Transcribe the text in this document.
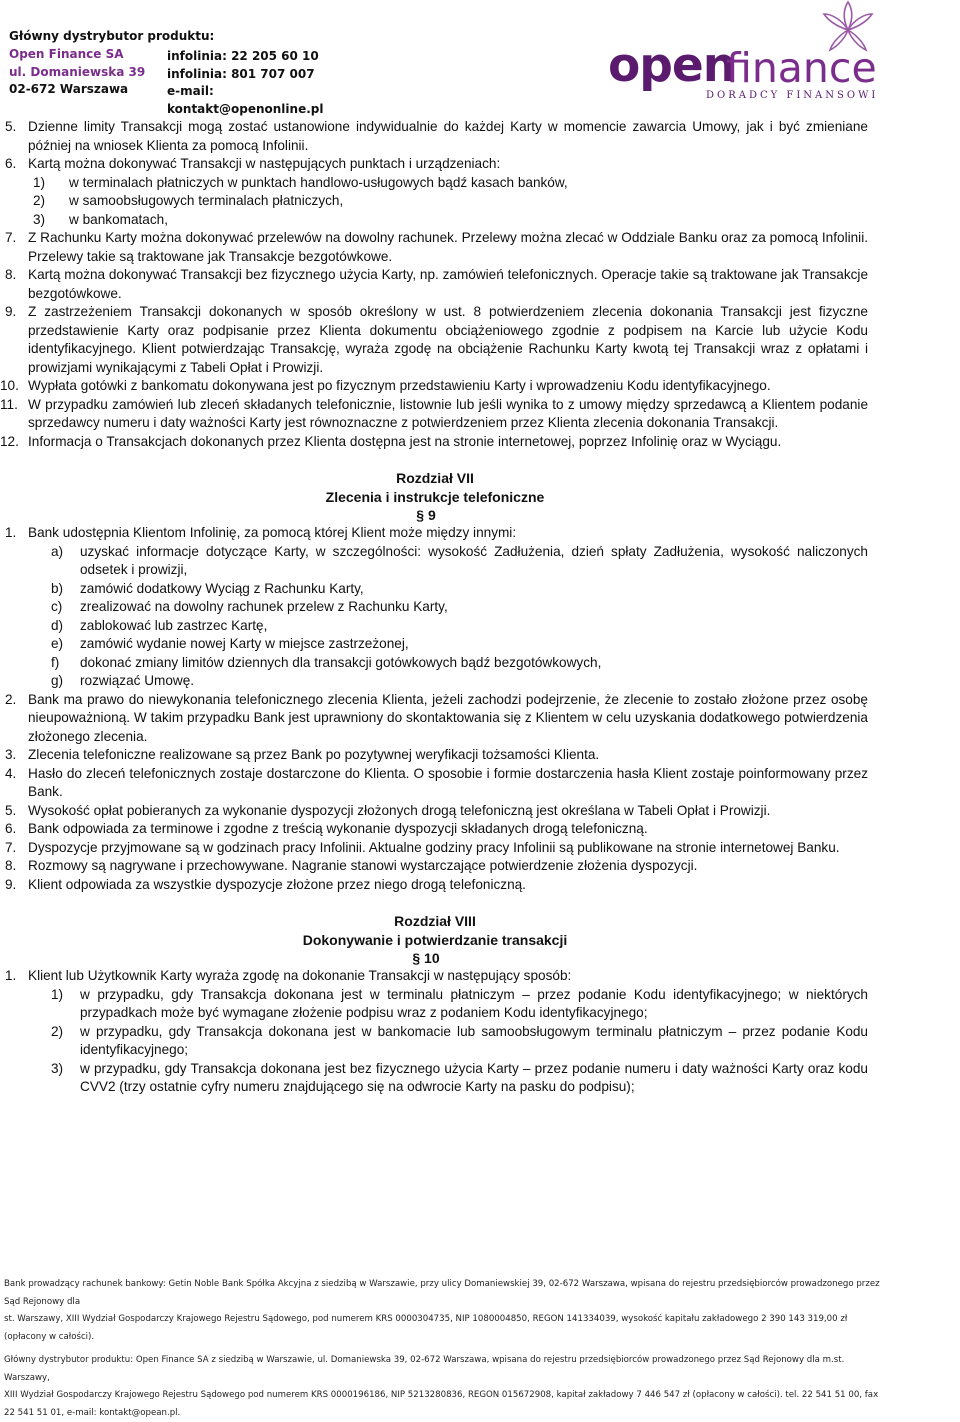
Główny dystrybutor produktu:
Open Finance SA
ul. Domaniewska 39
02-672 Warszawa
infolinia: 22 205 60 10
infolinia: 801 707 007
e-mail: kontakt@openonline.pl
open
finance
DORADCY FINANSOWI

5. Dzienne limity Transakcji mogą zostać ustanowione indywidualnie do każdej Karty w momencie zawarcia Umowy, jak i być zmieniane później na wniosek Klienta za pomocą Infolinii.

6. Kartą można dokonywać Transakcji w następujących punktach i urządzeniach:

1) w terminalach płatniczych w punktach handlowo-usługowych bądź kasach banków,

2) w samoobsługowych terminalach płatniczych,

3) w bankomatach,

7. Z Rachunku Karty można dokonywać przelewów na dowolny rachunek. Przelewy można zlecać w Oddziale Banku oraz za pomocą Infolinii. Przelewy takie są traktowane jak Transakcje bezgotówkowe.

8. Kartą można dokonywać Transakcji bez fizycznego użycia Karty, np. zamówień telefonicznych. Operacje takie są traktowane jak Transakcje bezgotówkowe.

9. Z zastrzeżeniem Transakcji dokonanych w sposób określony w ust. 8 potwierdzeniem zlecenia dokonania Transakcji jest fizyczne przedstawienie Karty oraz podpisanie przez Klienta dokumentu obciążeniowego zgodnie z podpisem na Karcie lub użycie Kodu identyfikacyjnego. Klient potwierdzając Transakcję, wyraża zgodę na obciążenie Rachunku Karty kwotą tej Transakcji wraz z opłatami i prowizjami wynikającymi z Tabeli Opłat i Prowizji.

10. Wypłata gotówki z bankomatu dokonywana jest po fizycznym przedstawieniu Karty i wprowadzeniu Kodu identyfikacyjnego.

11. W przypadku zamówień lub zleceń składanych telefonicznie, listownie lub jeśli wynika to z umowy między sprzedawcą a Klientem podanie sprzedawcy numeru i daty ważności Karty jest równoznaczne z potwierdzeniem przez Klienta zlecenia dokonania Transakcji.

12. Informacja o Transakcjach dokonanych przez Klienta dostępna jest na stronie internetowej, poprzez Infolinię oraz w Wyciągu.

Rozdział VII

Zlecenia i instrukcje telefoniczne

§ 9

1. Bank udostępnia Klientom Infolinię, za pomocą której Klient może między innymi:

a) uzyskać informacje dotyczące Karty, w szczególności: wysokość Zadłużenia, dzień spłaty Zadłużenia, wysokość naliczonych odsetek i prowizji,

b) zamówić dodatkowy Wyciąg z Rachunku Karty,

c) zrealizować na dowolny rachunek przelew z Rachunku Karty,

d) zablokować lub zastrzec Kartę,

e) zamówić wydanie nowej Karty w miejsce zastrzeżonej,

f) dokonać zmiany limitów dziennych dla transakcji gotówkowych bądź bezgotówkowych,

g) rozwiązać Umowę.

2. Bank ma prawo do niewykonania telefonicznego zlecenia Klienta, jeżeli zachodzi podejrzenie, że zlecenie to zostało złożone przez osobę nieupoważnioną. W takim przypadku Bank jest uprawniony do skontaktowania się z Klientem w celu uzyskania dodatkowego potwierdzenia złożonego zlecenia.

3. Zlecenia telefoniczne realizowane są przez Bank po pozytywnej weryfikacji tożsamości Klienta.

4. Hasło do zleceń telefonicznych zostaje dostarczone do Klienta. O sposobie i formie dostarczenia hasła Klient zostaje poinformowany przez Bank.

5. Wysokość opłat pobieranych za wykonanie dyspozycji złożonych drogą telefoniczną jest określana w Tabeli Opłat i Prowizji.

6. Bank odpowiada za terminowe i zgodne z treścią wykonanie dyspozycji składanych drogą telefoniczną.

7. Dyspozycje przyjmowane są w godzinach pracy Infolinii. Aktualne godziny pracy Infolinii są publikowane na stronie internetowej Banku.

8. Rozmowy są nagrywane i przechowywane. Nagranie stanowi wystarczające potwierdzenie złożenia dyspozycji.

9. Klient odpowiada za wszystkie dyspozycje złożone przez niego drogą telefoniczną.

Rozdział VIII

Dokonywanie i potwierdzanie transakcji

§ 10

1. Klient lub Użytkownik Karty wyraża zgodę na dokonanie Transakcji w następujący sposób:

1) w przypadku, gdy Transakcja dokonana jest w terminalu płatniczym – przez podanie Kodu identyfikacyjnego; w niektórych przypadkach może być wymagane złożenie podpisu wraz z podaniem Kodu identyfikacyjnego;

2) w przypadku, gdy Transakcja dokonana jest w bankomacie lub samoobsługowym terminalu płatniczym – przez podanie Kodu identyfikacyjnego;

3) w przypadku, gdy Transakcja dokonana jest bez fizycznego użycia Karty – przez podanie numeru i daty ważności Karty oraz kodu CVV2 (trzy ostatnie cyfry numeru znajdującego się na odwrocie Karty na pasku do podpisu);

Bank prowadzący rachunek bankowy: Getin Noble Bank Spółka Akcyjna z siedzibą w Warszawie, przy ulicy Domaniewskiej 39, 02-672 Warszawa, wpisana do rejestru przedsiębiorców prowadzonego przez Sąd Rejonowy dla
st. Warszawy, XIII Wydział Gospodarczy Krajowego Rejestru Sądowego, pod numerem KRS 0000304735, NIP 1080004850, REGON 141334039, wysokość kapitału zakładowego 2 390 143 319,00 zł (opłacony w całości).
Główny dystrybutor produktu: Open Finance SA z siedzibą w Warszawie, ul. Domaniewska 39, 02-672 Warszawa, wpisana do rejestru przedsiębiorców prowadzonego przez Sąd Rejonowy dla m.st. Warszawy,
XIII Wydział Gospodarczy Krajowego Rejestru Sądowego pod numerem KRS 0000196186, NIP 5213280836, REGON 015672908, kapitał zakładowy 7 446 547 zł (opłacony w całości). tel. 22 541 51 00, fax
22 541 51 01, e-mail: kontakt@opean.pl.
